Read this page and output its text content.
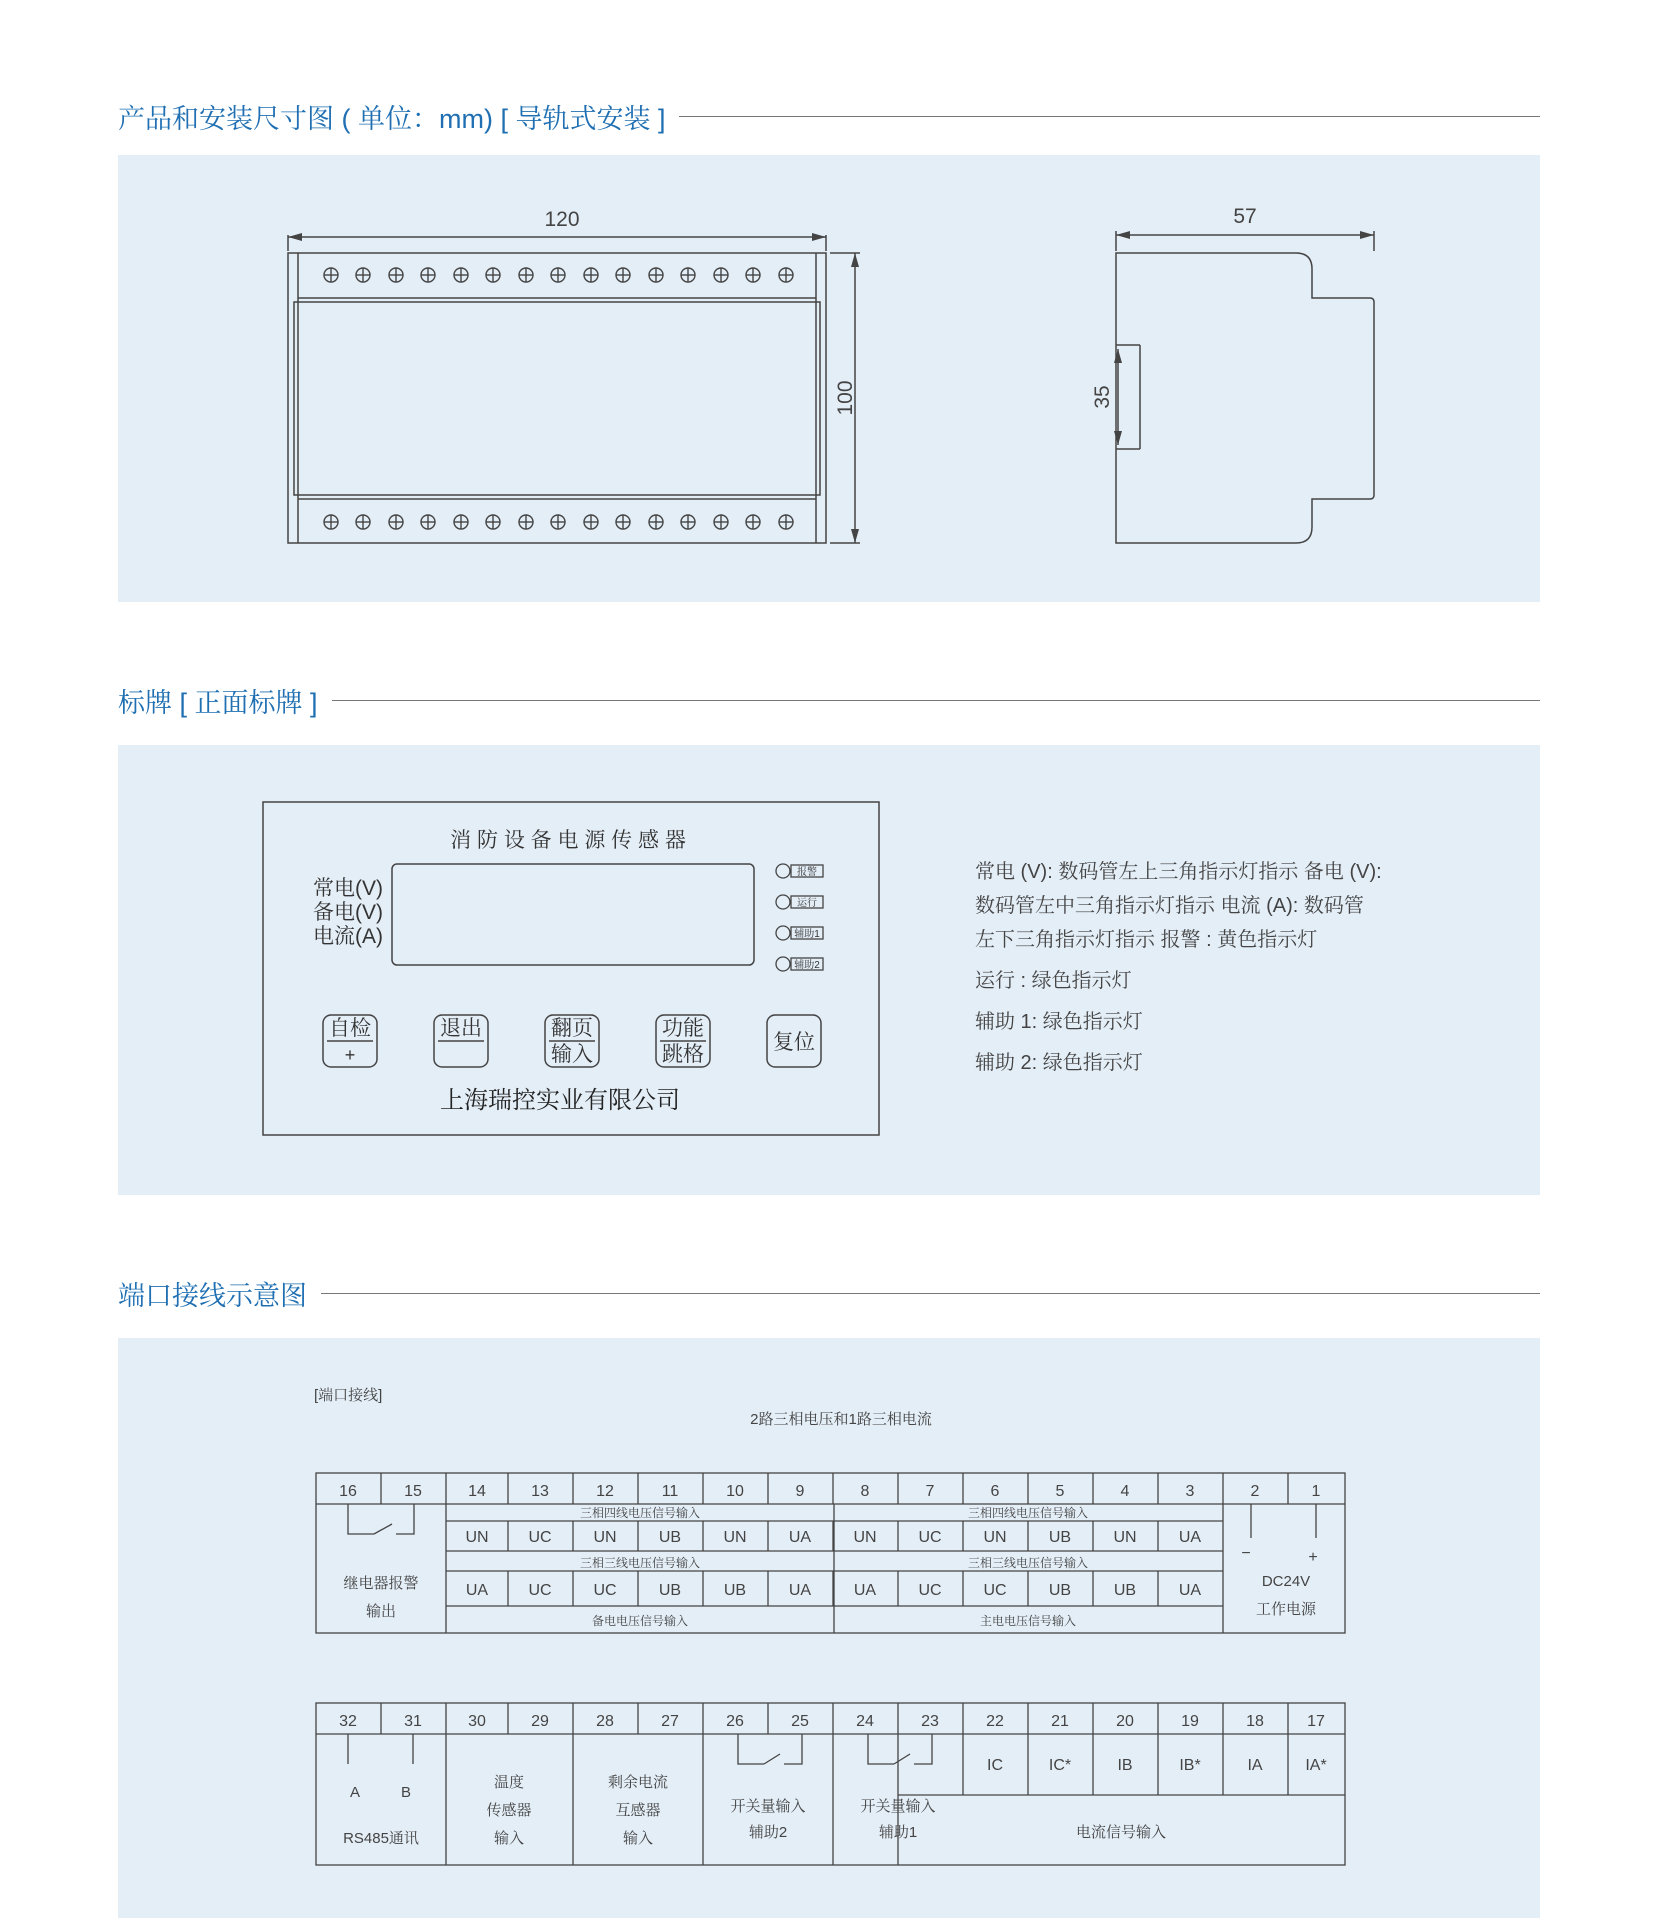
产品和安装尺寸图 ( 单位：mm) [ 导轨式安装 ]
120
100
57
35
标牌 [ 正面标牌 ]
消 防 设 备 电 源 传 感 器
常电(V)
备电(V)
电流(A)
报警
运行
辅助1
辅助2
自检
+
退出	翻页
输入
功能
跳格
复位
上海瑞控实业有限公司
常电 (V): 数码管左上三角指示灯指示 备电 (V):
数码管左中三角指示灯指示 电流 (A): 数码管
左下三角指示灯指示 报警 : 黄色指示灯
运行 : 绿色指示灯
辅助 1: 绿色指示灯
辅助 2: 绿色指示灯
端口接线示意图
[端口接线]
2路三相电压和1路三相电流
16	15	14	13	12	11	10	9	8	7	6	5	4	3	2	1
三相四线电压信号输入	三相四线电压信号输入
三相三线电压信号输入	三相三线电压信号输入
备电电压信号输入	主电电压信号输入
UN UC	UN	UB	UN	UA	UN	UC	UN	UB	UN	UA
UA	UC	UC	UB	UB	UA	UA	UC	UC	UB	UB	UA
继电器报警
输出
−	+
DC24V
工作电源
32	31	30	29	28	27	26	25	24	23	22	21	20	19	18	17
IC	IC*	IB	IB*	IA	IA*
A	B
RS485通讯
温度
传感器
输入
剩余电流
互感器
输入
开关量输入
辅助2
开关量输入
辅助1	电流信号输入
